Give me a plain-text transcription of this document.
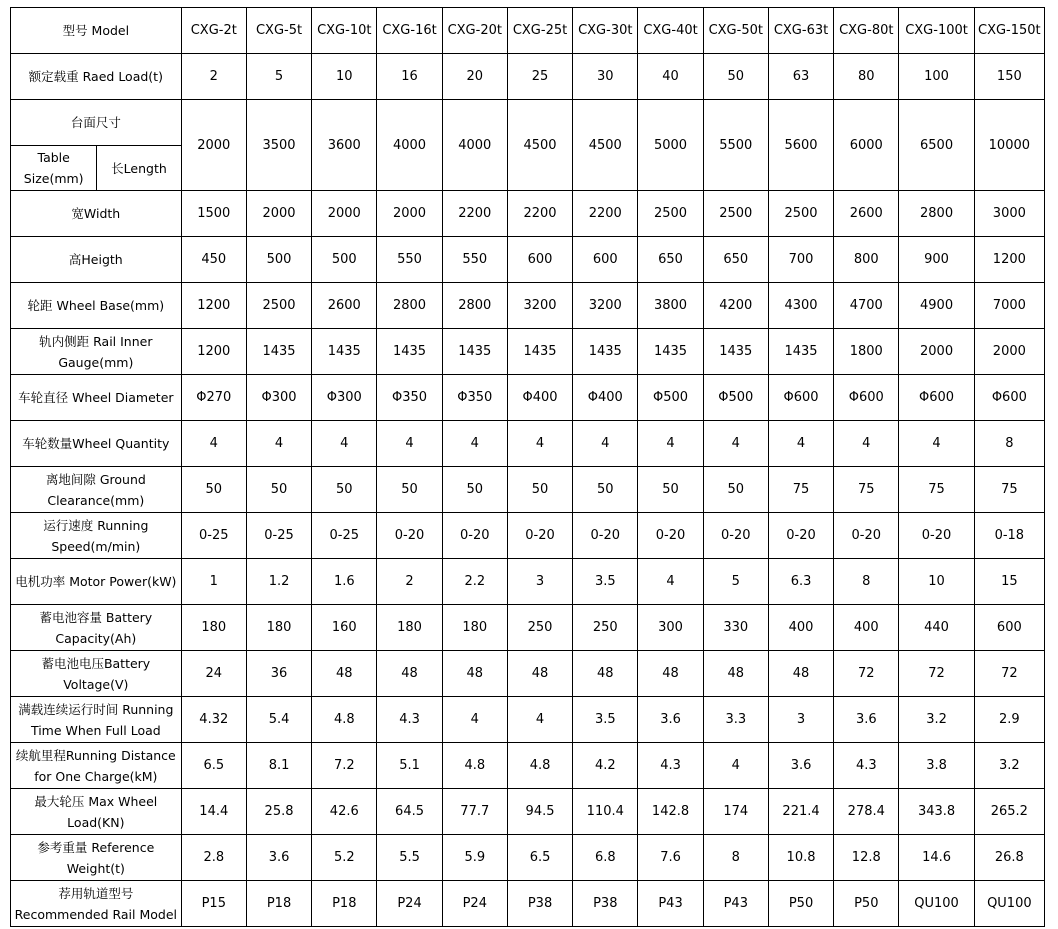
型号 Model		CXG-2t	CXG-5t	CXG-10t	CXG-16t	CXG-20t	CXG-25t	CXG-30t	CXG-40t	CXG-50t	CXG-63t	CXG-80t	CXG-100t	CXG-150t
额定载重 Raed Load(t)		2	5	10	16	20	25	30	40	50	63	80	100	150
台面尺寸		2000	3500	3600	4000	4000	4500	4500	5000	5500	5600	6000	6500	10000
Table Size(mm)	长Length													
宽Width		1500	2000	2000	2000	2200	2200	2200	2500	2500	2500	2600	2800	3000
高Heigth		450	500	500	550	550	600	600	650	650	700	800	900	1200
轮距 Wheel Base(mm)		1200	2500	2600	2800	2800	3200	3200	3800	4200	4300	4700	4900	7000
轨内侧距 Rail Inner Gauge(mm)		1200	1435	1435	1435	1435	1435	1435	1435	1435	1435	1800	2000	2000
车轮直径 Wheel Diameter		Φ270	Φ300	Φ300	Φ350	Φ350	Φ400	Φ400	Φ500	Φ500	Φ600	Φ600	Φ600	Φ600
车轮数量Wheel Quantity		4	4	4	4	4	4	4	4	4	4	4	4	8
离地间隙 Ground Clearance(mm)		50	50	50	50	50	50	50	50	50	75	75	75	75
运行速度 Running Speed(m/min)		0-25	0-25	0-25	0-20	0-20	0-20	0-20	0-20	0-20	0-20	0-20	0-20	0-18
电机功率 Motor Power(kW)		1	1.2	1.6	2	2.2	3	3.5	4	5	6.3	8	10	15
蓄电池容量 Battery Capacity(Ah)		180	180	160	180	180	250	250	300	330	400	400	440	600
蓄电池电压Battery Voltage(V)		24	36	48	48	48	48	48	48	48	48	72	72	72
满载连续运行时间 Running Time When Full Load		4.32	5.4	4.8	4.3	4	4	3.5	3.6	3.3	3	3.6	3.2	2.9
续航里程Running Distance for One Charge(kM)		6.5	8.1	7.2	5.1	4.8	4.8	4.2	4.3	4	3.6	4.3	3.8	3.2
最大轮压 Max Wheel Load(KN)		14.4	25.8	42.6	64.5	77.7	94.5	110.4	142.8	174	221.4	278.4	343.8	265.2
参考重量 Reference Weight(t)		2.8	3.6	5.2	5.5	5.9	6.5	6.8	7.6	8	10.8	12.8	14.6	26.8
荐用轨道型号 Recommended Rail Model		P15	P18	P18	P24	P24	P38	P38	P43	P43	P50	P50	QU100	QU100
